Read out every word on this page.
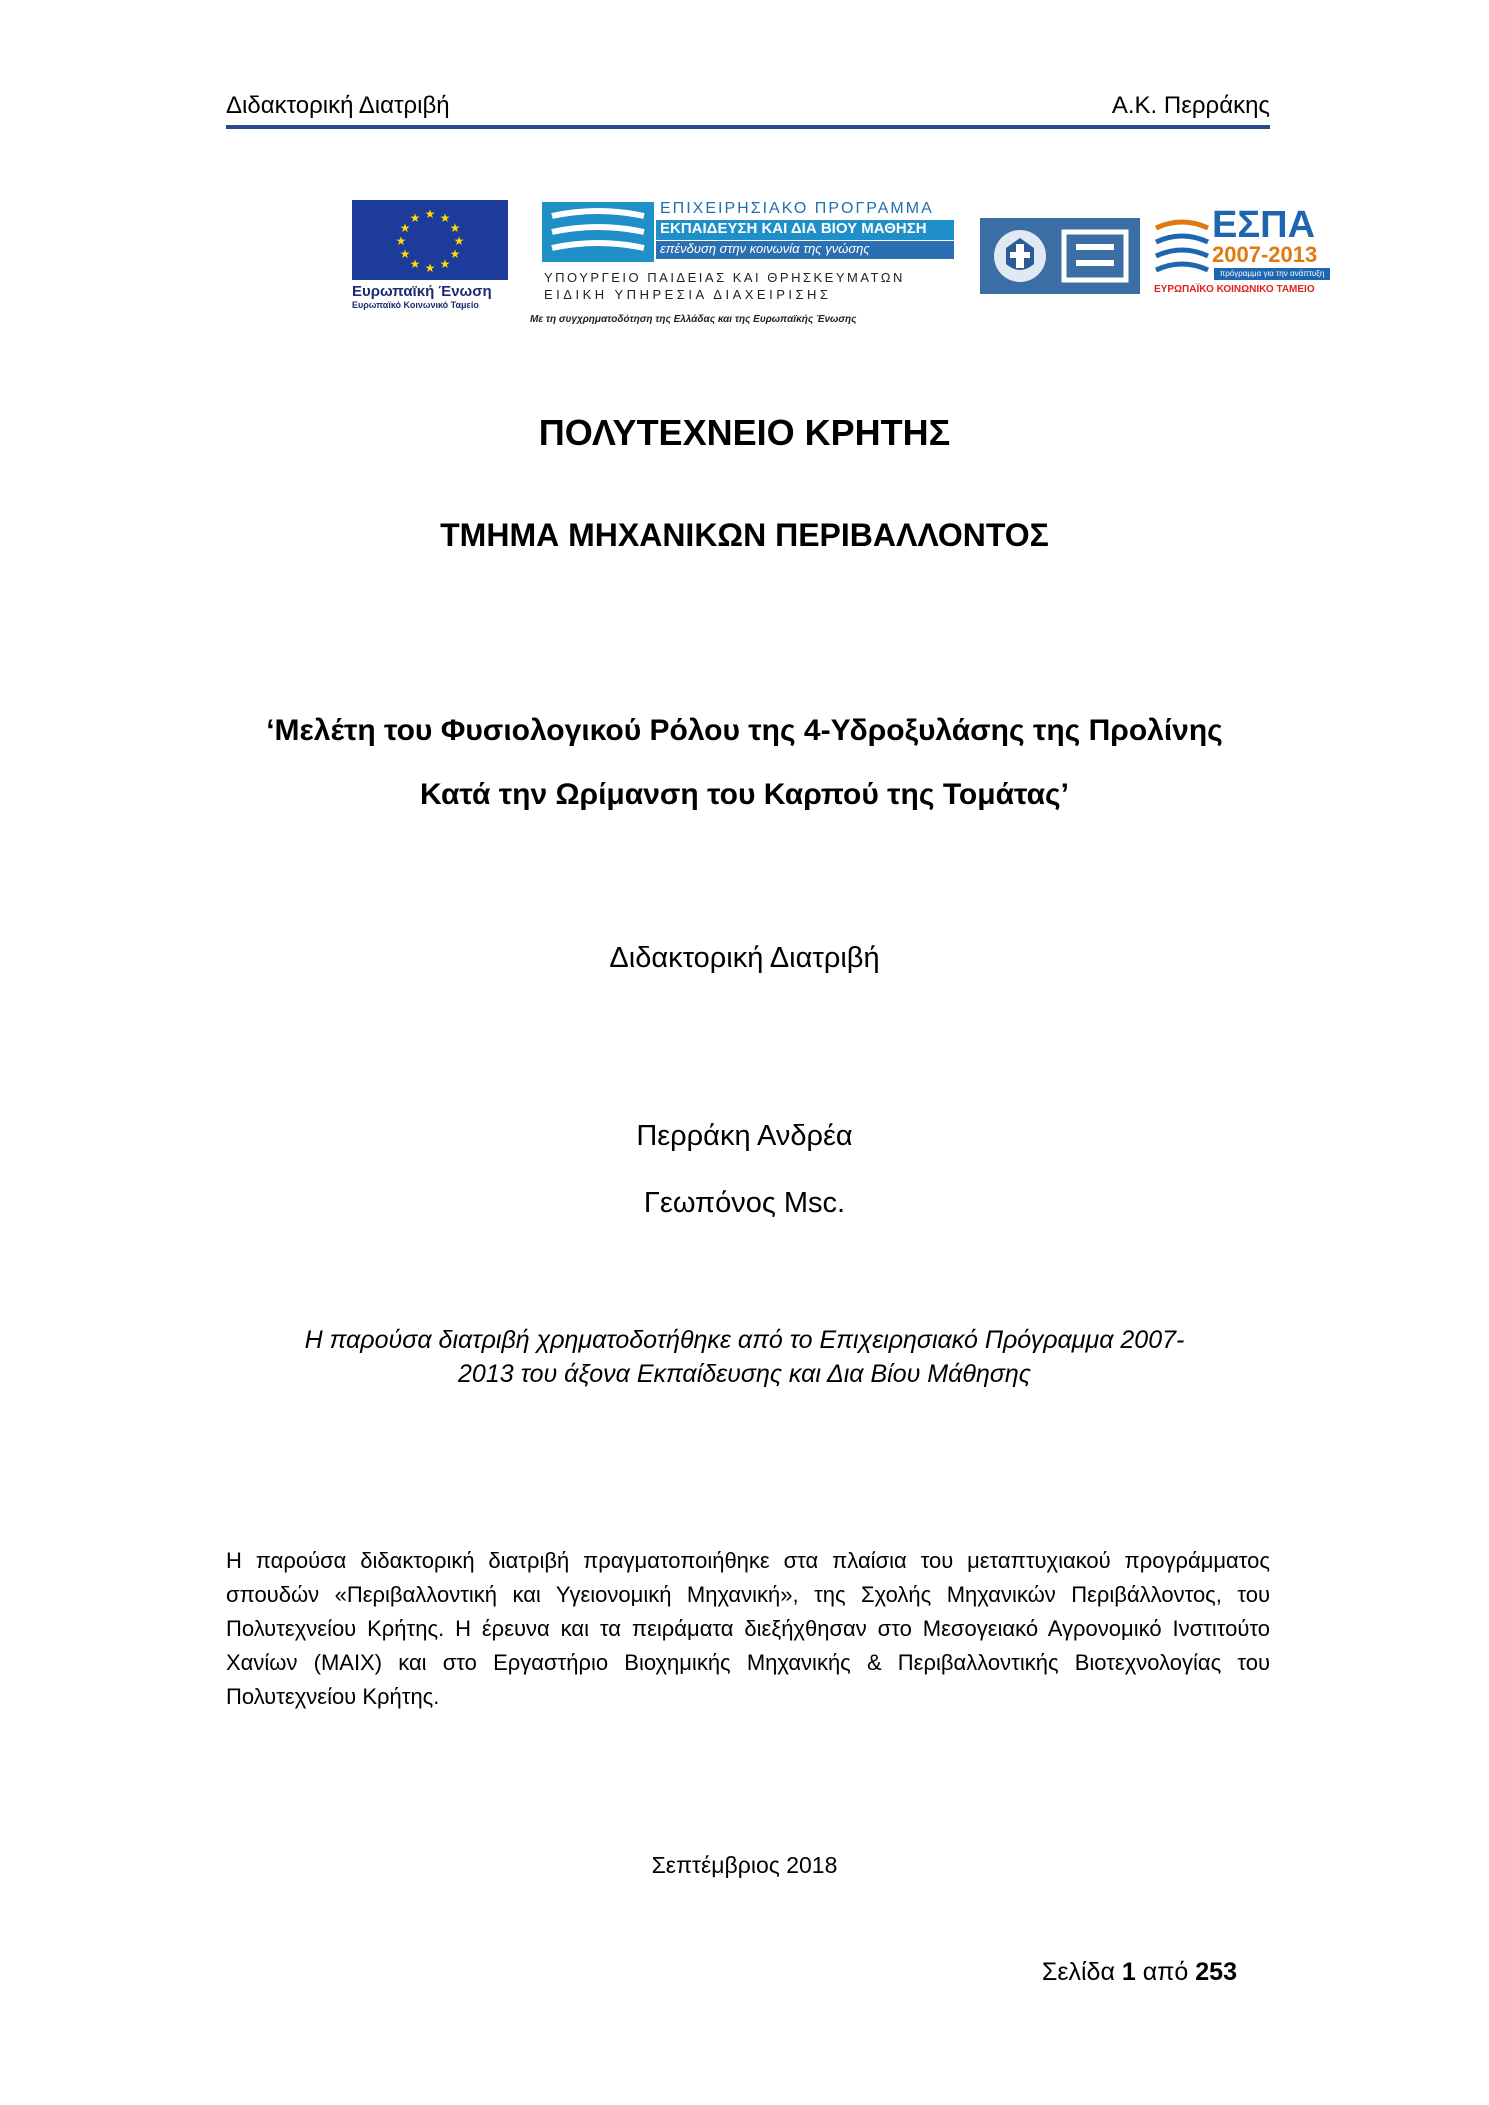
Διδακτορική Διατριβή	Α.Κ. Περράκης
★ ★
★
★
★
★
★
★
★
★
★
★
Ευρωπαϊκή Ένωση
Ευρωπαϊκό Κοινωνικό Ταμείο
ΕΠΙΧΕΙΡΗΣΙΑΚΟ ΠΡΟΓΡΑΜΜΑ
ΕΚΠΑΙΔΕΥΣΗ ΚΑΙ ΔΙΑ ΒΙΟΥ ΜΑΘΗΣΗ
επένδυση στην κοινωνία της γνώσης
ΥΠΟΥΡΓΕΙΟ ΠΑΙΔΕΙΑΣ ΚΑΙ ΘΡΗΣΚΕΥΜΑΤΩΝ
ΕΙΔΙΚΗ ΥΠΗΡΕΣΙΑ ΔΙΑΧΕΙΡΙΣΗΣ
Με τη συγχρηματοδότηση της Ελλάδας και της Ευρωπαϊκής Ένωσης
ΕΣΠΑ
2007-2013
πρόγραμμα για την ανάπτυξη
ΕΥΡΩΠΑΪΚΟ ΚΟΙΝΩΝΙΚΟ ΤΑΜΕΙΟ
ΠΟΛΥΤΕΧΝΕΙΟ ΚΡΗΤΗΣ
ΤΜΗΜΑ ΜΗΧΑΝΙΚΩΝ ΠΕΡΙΒΑΛΛΟΝΤΟΣ
‘Μελέτη του Φυσιολογικού Ρόλου της 4-Υδροξυλάσης της Προλίνης
Κατά την Ωρίμανση του Καρπού της Τομάτας’
Διδακτορική Διατριβή
Περράκη Ανδρέα
Γεωπόνος Msc.
Η παρούσα διατριβή χρηματοδοτήθηκε από το Επιχειρησιακό Πρόγραμμα 2007-
2013 του άξονα Εκπαίδευσης και Δια Βίου Μάθησης
Η παρούσα διδακτορική διατριβή πραγματοποιήθηκε στα πλαίσια του μεταπτυχιακού προγράμματος σπουδών «Περιβαλλοντική και Υγειονομική Μηχανική», της Σχολής Μηχανικών Περιβάλλοντος, του Πολυτεχνείου Κρήτης. Η έρευνα και τα πειράματα διεξήχθησαν στο Μεσογειακό Αγρονομικό Ινστιτούτο Χανίων (ΜΑΙΧ) και στο Εργαστήριο Βιοχημικής Μηχανικής & Περιβαλλοντικής Βιοτεχνολογίας του Πολυτεχνείου Κρήτης.
Σεπτέμβριος 2018
Σελίδα 1 από 253
